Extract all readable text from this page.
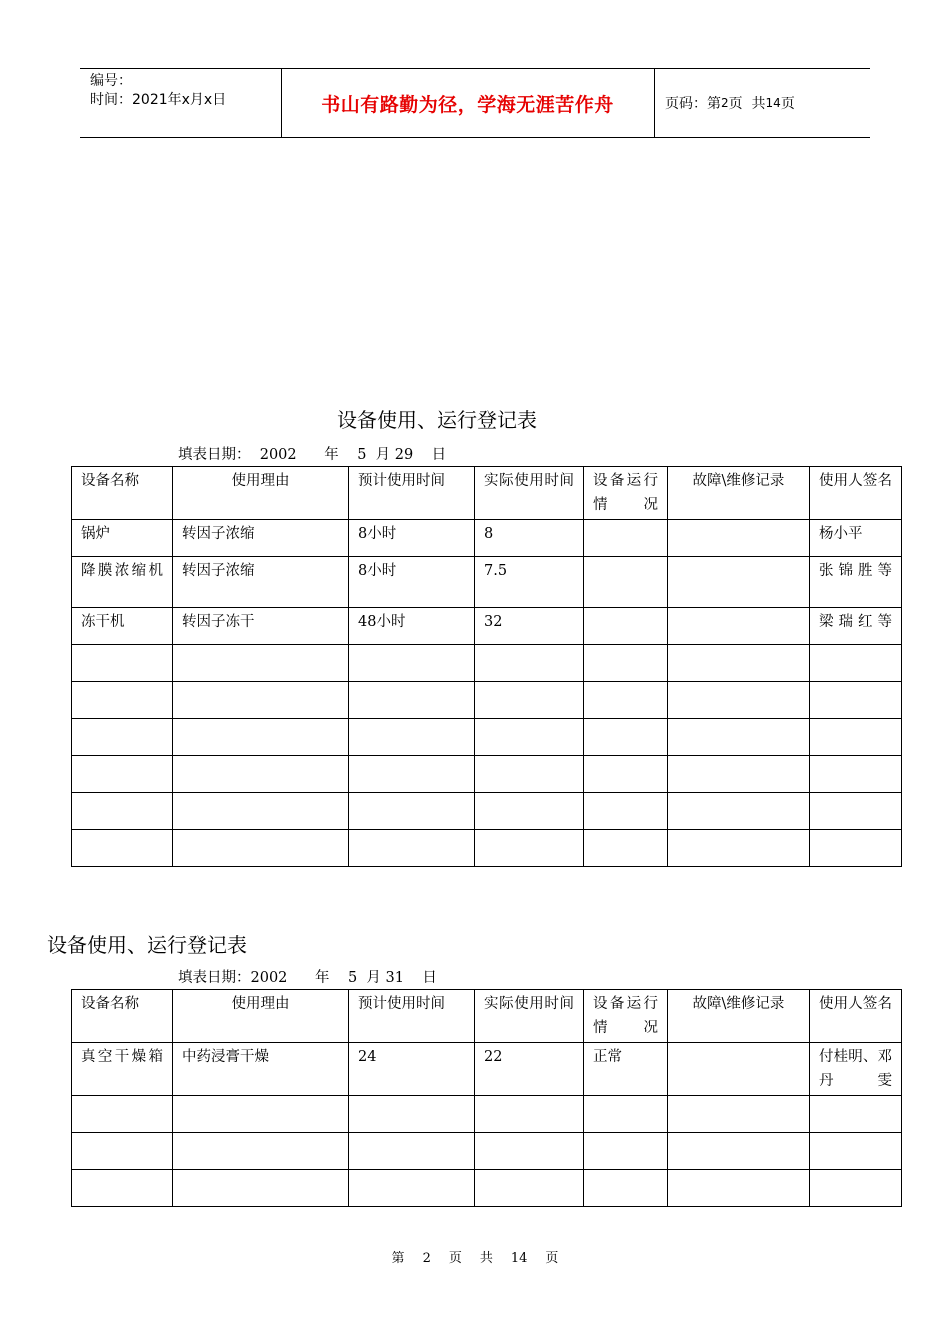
编号：
时间：2021年x月x日	书山有路勤为径，学海无涯苦作舟	页码：第 2 页  共 14 页
设备使用、运行登记表
填表日期：  2002      年    5  月 29    日
设备名称	使用理由	预计使用时间	实际使用时间	设备运行情况	故障\维修记录	使用人签名
锅炉	转因子浓缩	8小时	8			杨小平
降膜浓缩机	转因子浓缩	8小时	7.5			张锦胜等
冻干机	转因子冻干	48小时	32			梁瑞红等

设备使用、运行登记表
填表日期：2002      年    5  月 31    日
设备名称	使用理由	预计使用时间	实际使用时间	设备运行情况	故障\维修记录	使用人签名
真空干燥箱	中药浸膏干燥	24	22	正常		付桂明、邓丹雯

第 2 页 共 14 页
